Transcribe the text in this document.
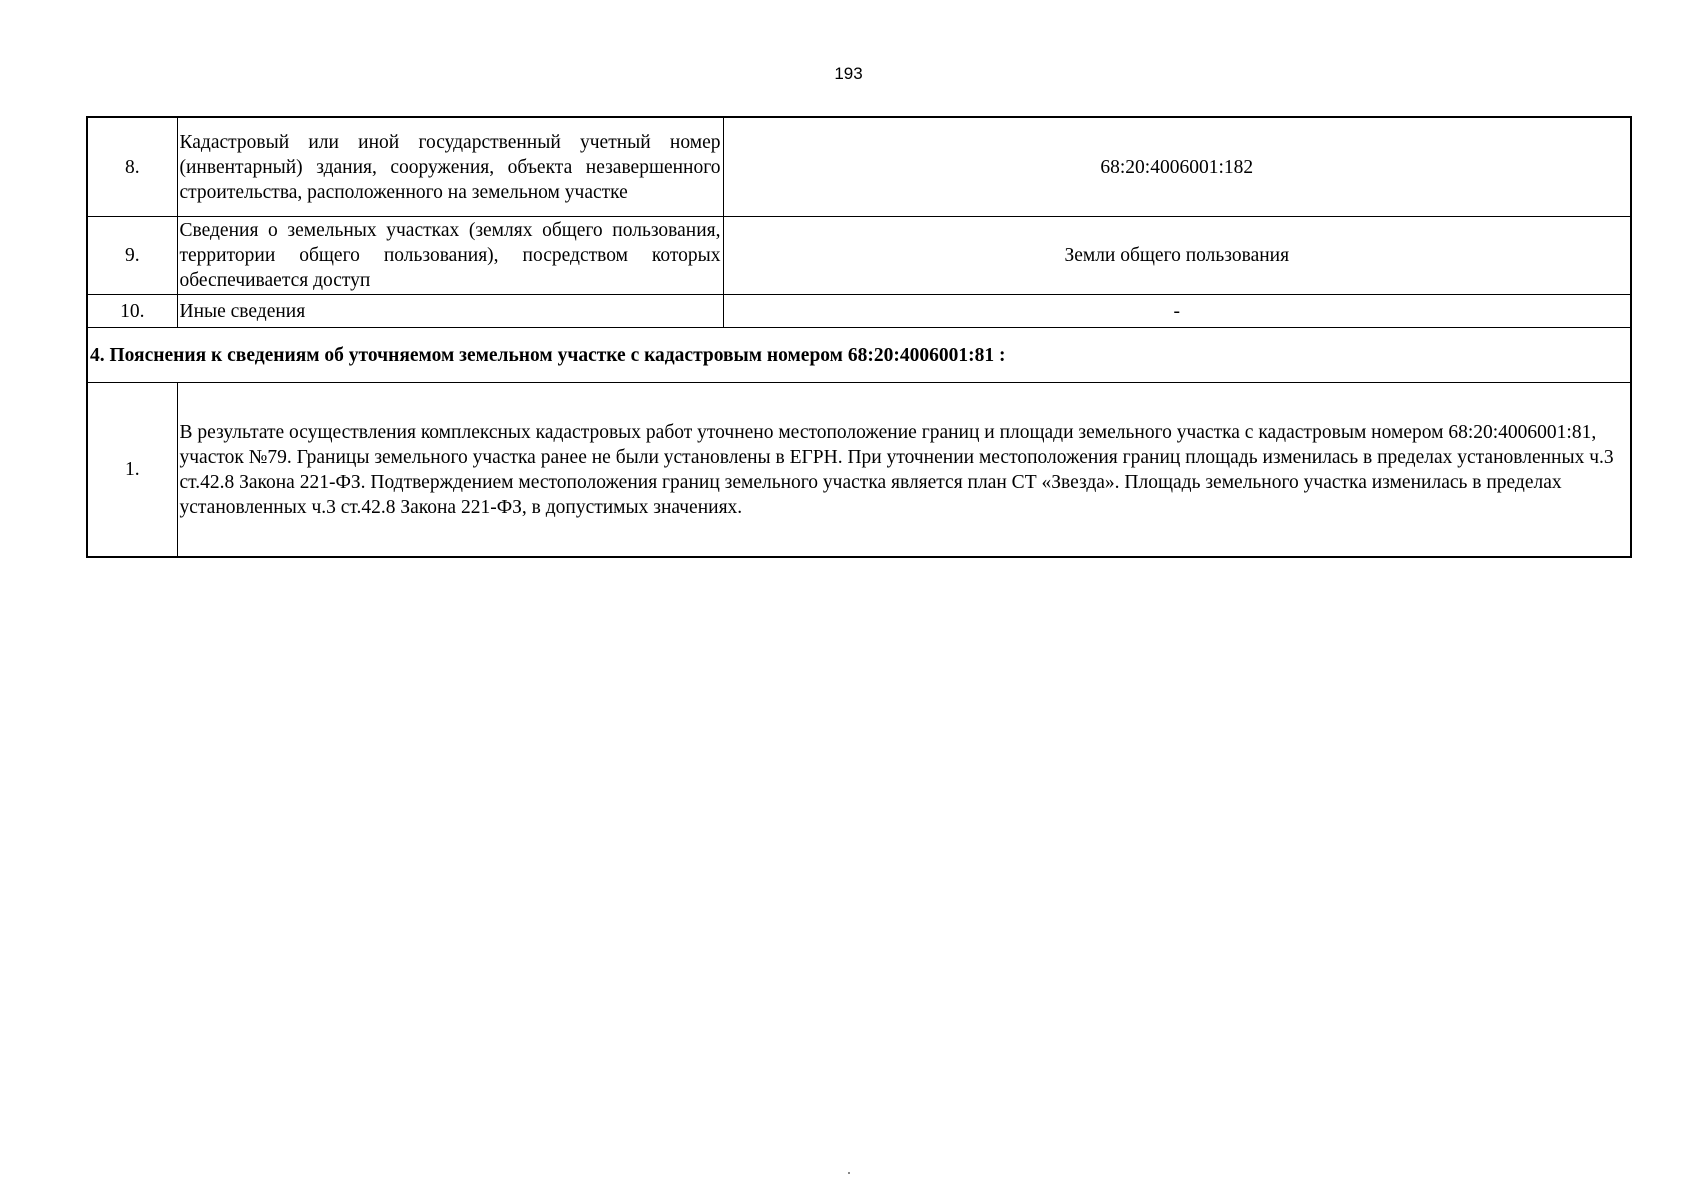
193
8.	Кадастровый или иной государственный учетный номер (инвентарный) здания, сооружения, объекта незавершенного строительства, расположенного на земельном участке	68:20:4006001:182
9.	Сведения о земельных участках (землях общего пользования, территории общего пользования), посредством которых обеспечивается доступ	Земли общего пользования
10.	Иные сведения	-
4. Пояснения к сведениям об уточняемом земельном участке с кадастровым номером 68:20:4006001:81 :		
1.	В результате осуществления комплексных кадастровых работ уточнено местоположение границ и площади земельного участка с кадастровым номером 68:20:4006001:81, участок №79. Границы земельного участка ранее не были установлены в ЕГРН. При уточнении местоположения границ площадь изменилась в пределах установленных ч.3 ст.42.8 Закона 221-ФЗ. Подтверждением местоположения границ земельного участка является план СТ «Звезда». Площадь земельного участка изменилась в пределах установленных ч.3 ст.42.8 Закона 221-ФЗ, в допустимых значениях.	
